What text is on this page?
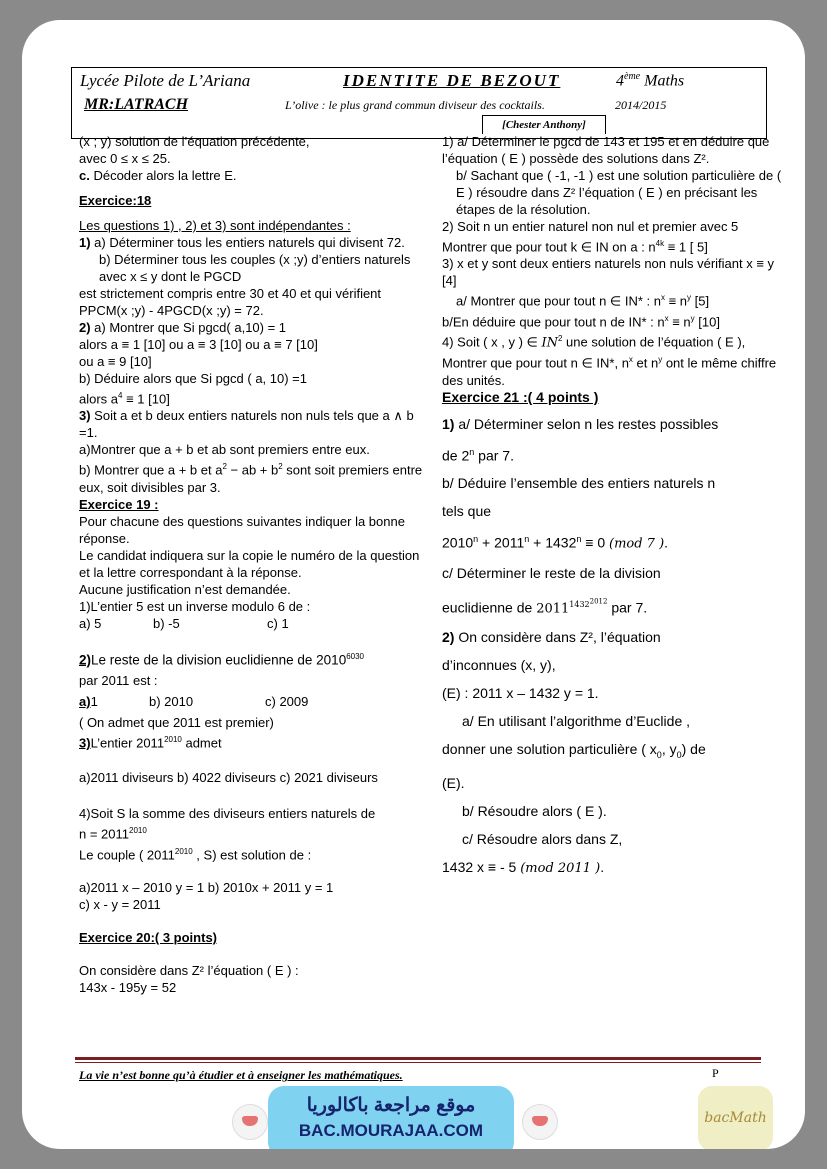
Lycée Pilote de L’Ariana	IDENTITE DE BEZOUT	4ème Maths
MR:LATRACH	L’olive : le plus grand commun diviseur des cocktails.	2014/2015
[Chester Anthony]

(x ; y) solution de l’équation précédente,

avec 0 ≤ x ≤ 25.

c. Décoder alors la lettre E.

Exercice:18

Les questions 1) , 2) et 3) sont indépendantes :

1) a) Déterminer tous les entiers naturels qui divisent 72.

b) Déterminer tous les couples (x ;y) d’entiers naturels avec x ≤ y dont le PGCD

est strictement compris entre 30 et 40 et qui vérifient PPCM(x ;y) - 4PGCD(x ;y) = 72.

2) a) Montrer que Si pgcd( a,10) = 1

alors a ≡ 1 [10] ou a ≡ 3 [10] ou a ≡ 7 [10]

ou a ≡ 9 [10]

b) Déduire alors que Si pgcd ( a, 10) =1

alors $a^4 \equiv 1$ [10]

3) Soit a et b deux entiers naturels non nuls tels que a ∧ b =1.

a)Montrer que a + b et ab sont premiers entre eux.

b) Montrer que a + b et $a^2$ − ab + $b^2$ sont soit premiers entre eux, soit divisibles par 3.

Exercice 19 :

Pour chacune des questions suivantes indiquer la bonne réponse.

Le candidat indiquera sur la copie le numéro de la question et la lettre correspondant à la réponse.

Aucune justification n’est demandée.

1)L’entier 5 est un inverse modulo 6 de :

a) 5	b) -5	c) 1

2)Le reste de la division euclidienne de $2010^{6030}$

par 2011 est :

a)1	b) 2010	c) 2009

( On admet que 2011 est premier)

3)L’entier $2011^{2010}$ admet

a)2011 diviseurs b) 4022 diviseurs c) 2021 diviseurs

4)Soit S la somme des diviseurs entiers naturels de

$n = 2011^{2010}$

Le couple ( $2011^{2010}$ , S) est solution de :

a)2011 x – 2010 y = 1 b) 2010x + 2011 y = 1

c) x - y = 2011

Exercice 20:( 3 points)

On considère dans Z² l’équation ( E ) :

143x - 195y = 52

1) a/ Déterminer le pgcd de 143 et 195 et en déduire que l’équation ( E ) possède des solutions dans Z².

b/ Sachant que ( -1, -1 ) est une solution particulière de ( E ) résoudre dans Z² l’équation ( E ) en précisant les étapes de la résolution.

2) Soit n un entier naturel non nul et premier avec 5

Montrer que pour tout k ∈ IN on a : $n^{4k} \equiv 1$ [ 5]

3) x et y sont deux entiers naturels non nuls vérifiant x ≡ y [4]

a/ Montrer que pour tout n ∈ IN* : $n^x \equiv n^y$ [5]

b/En déduire que pour tout n de IN* : $n^x \equiv n^y$ [10]

4) Soit ( x , y ) ∈ $IN^2$ une solution de l’équation ( E ),

Montrer que pour tout n ∈ IN*, $n^x$ et $n^y$ ont le même chiffre des unités.

Exercice 21 :( 4 points )

1) a/ Déterminer selon n les restes possibles

de 2$^n$ par 7.

b/ Déduire l’ensemble des entiers naturels n

tels que

$2010^n + 2011^n + 1432^n \equiv 0$ (mod 7 ).

c/ Déterminer le reste de la division

euclidienne de $2011^{1432^{2012}}$ par 7.

2) On considère dans Z², l’équation

d’inconnues (x, y),

(E) : 2011 x – 1432 y = 1.

a/ En utilisant l’algorithme d’Euclide ,

donner une solution particulière ( $x_0$, $y_0$) de

(E).

b/ Résoudre alors ( E ).

c/ Résoudre alors dans Z,

1432 x ≡ - 5 (mod 2011 ).

La vie n’est bonne qu’à étudier et à enseigner les mathématiques.	P
موقع مراجعة باكالوريا
BAC.MOURAJAA.COM
bacMath
